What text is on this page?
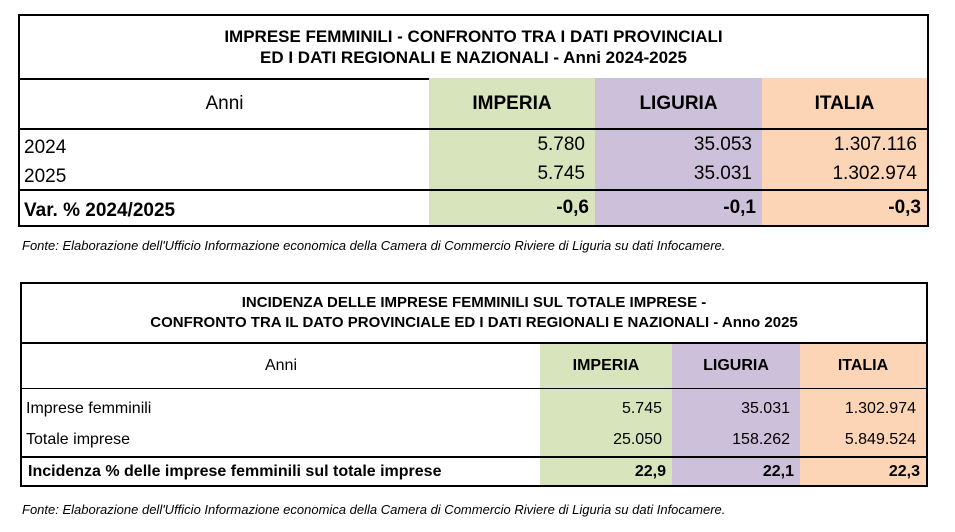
IMPRESE FEMMINILI - CONFRONTO TRA I DATI PROVINCIALI
ED I DATI REGIONALI E NAZIONALI - Anni 2024-2025
Anni	IMPERIA	LIGURIA	ITALIA
2024	5.780	35.053	1.307.116
2025	5.745	35.031	1.302.974
Var. % 2024/2025	-0,6	-0,1	-0,3
Fonte: Elaborazione dell'Ufficio Informazione economica della Camera di Commercio Riviere di Liguria su dati Infocamere.
INCIDENZA DELLE IMPRESE FEMMINILI SUL TOTALE IMPRESE -
CONFRONTO TRA IL DATO PROVINCIALE ED I DATI REGIONALI E NAZIONALI - Anno 2025
Anni	IMPERIA	LIGURIA	ITALIA
Imprese femminili	5.745	35.031	1.302.974
Totale imprese	25.050	158.262	5.849.524
Incidenza % delle imprese femminili sul totale imprese	22,9	22,1	22,3
Fonte: Elaborazione dell'Ufficio Informazione economica della Camera di Commercio Riviere di Liguria su dati Infocamere.
